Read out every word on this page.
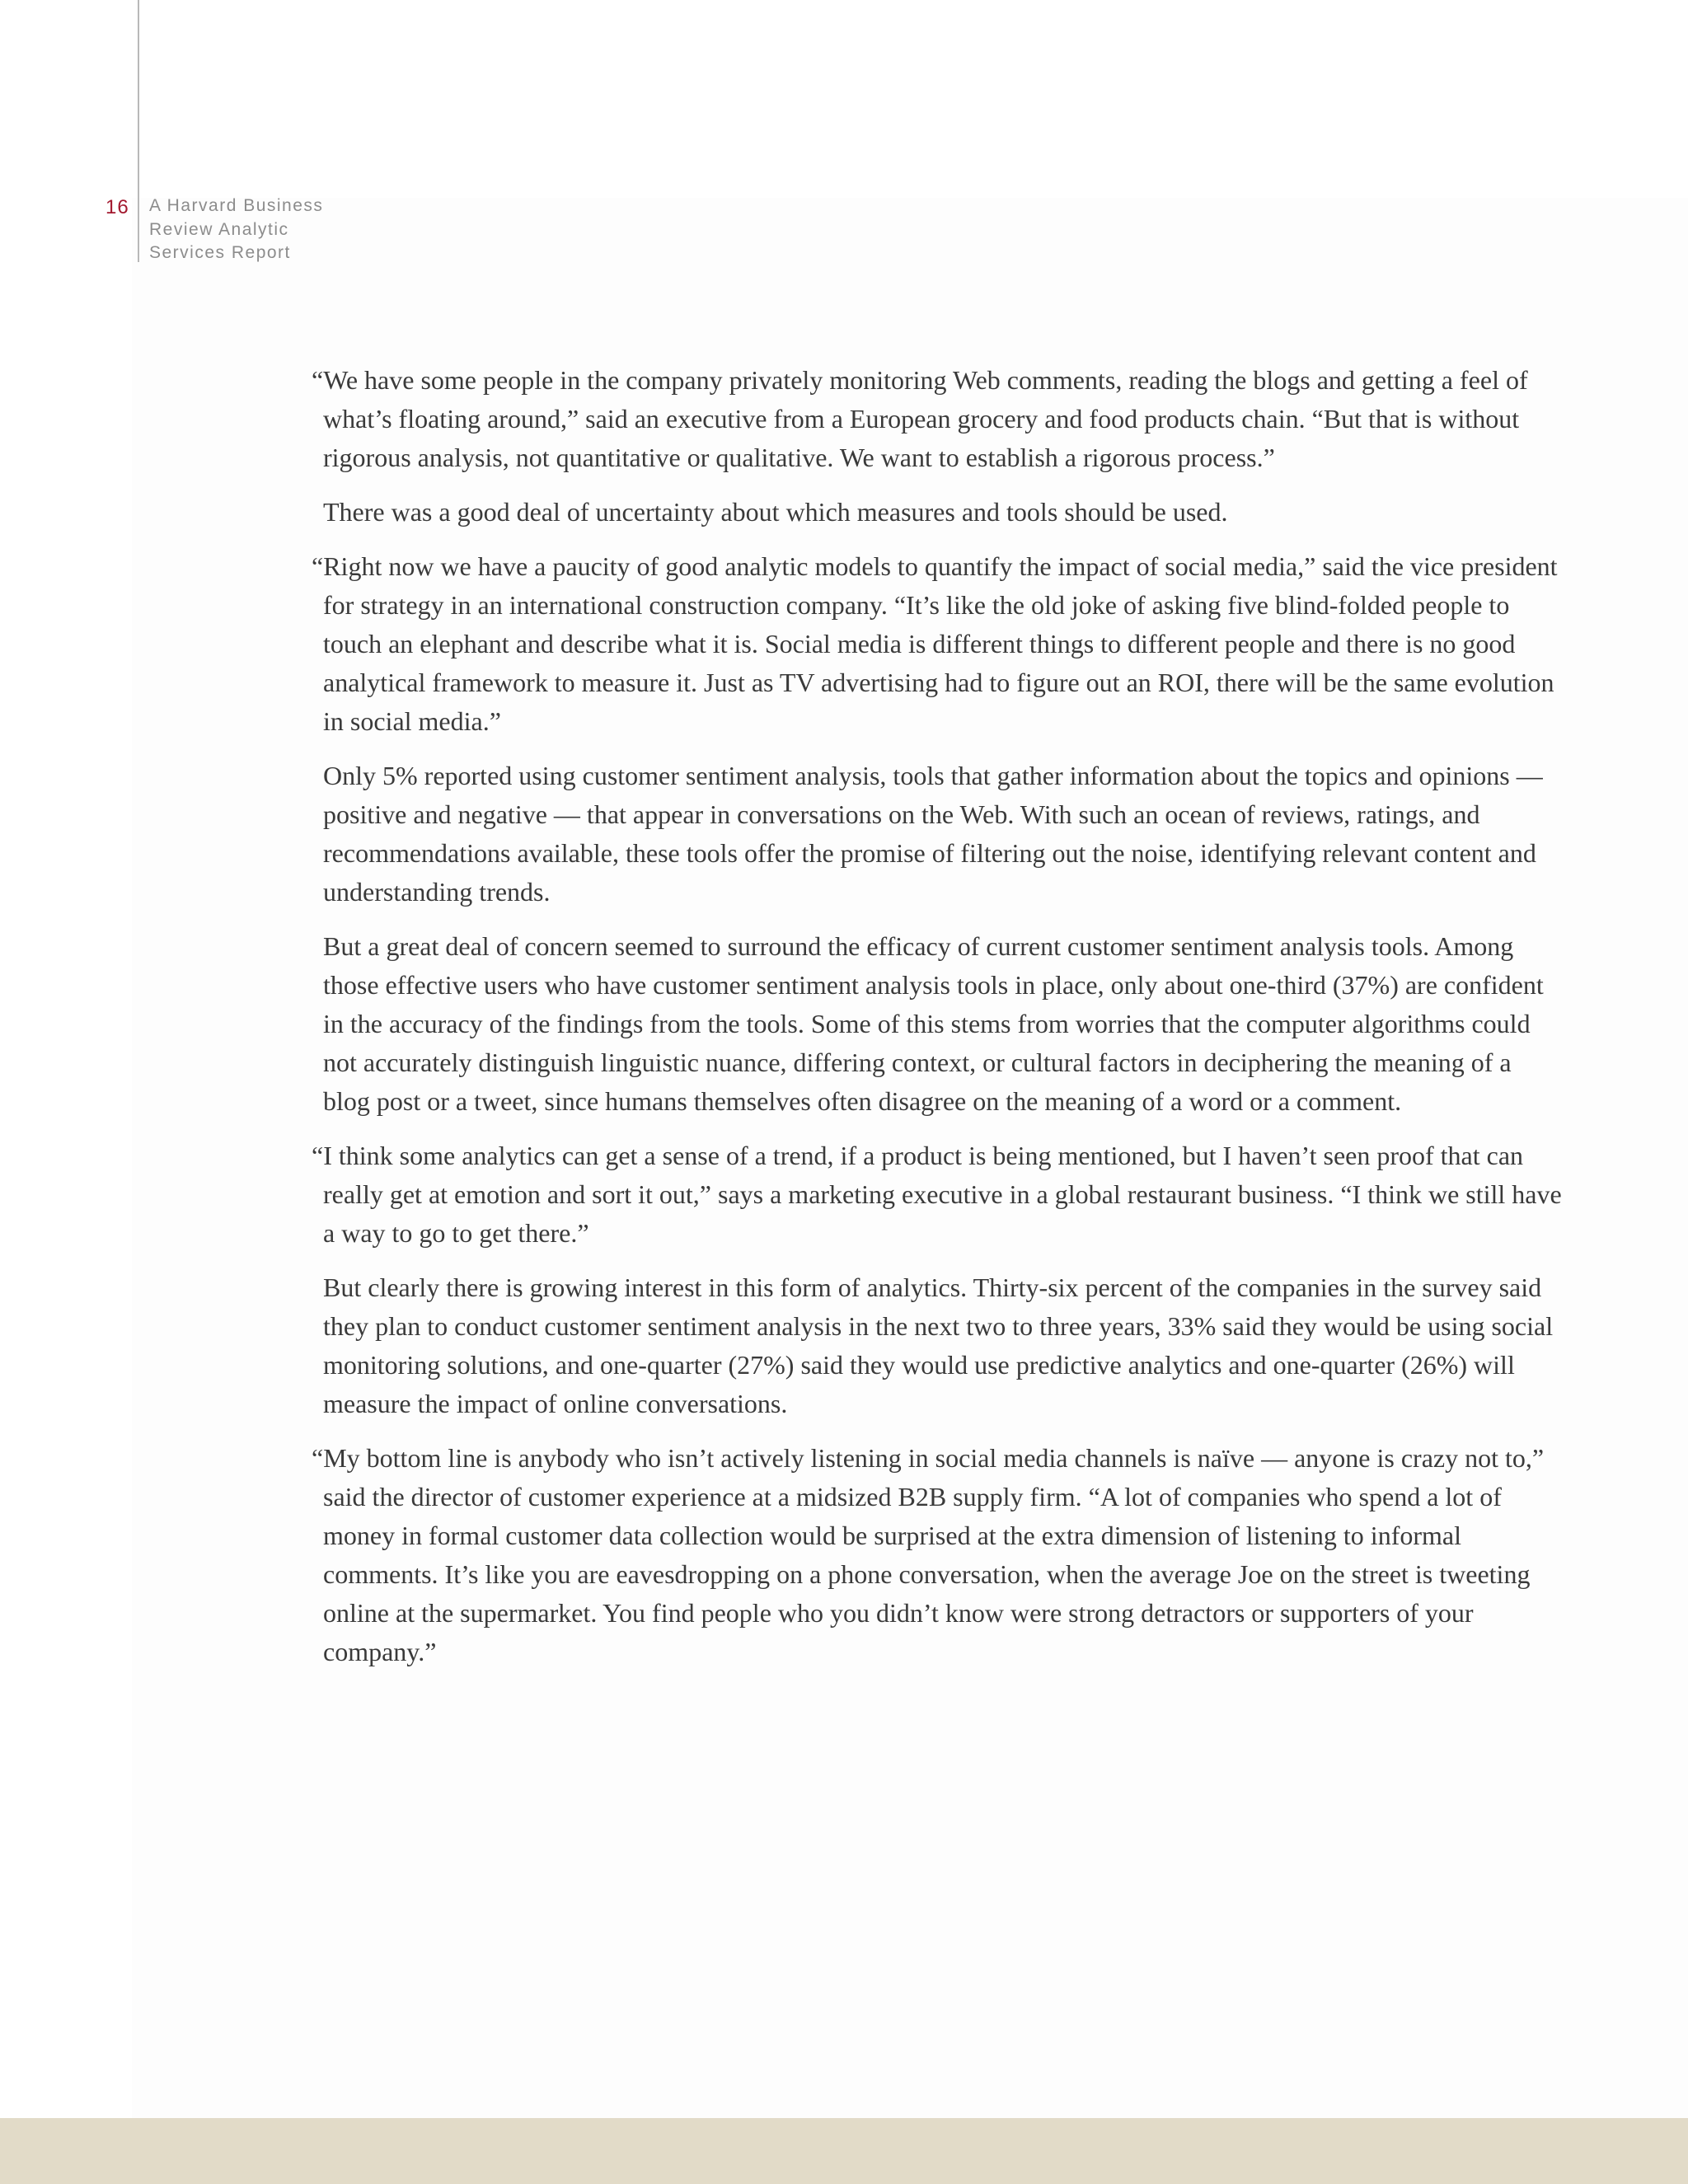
16 A Harvard Business Review Analytic Services Report

“We have some people in the company privately monitoring Web comments, reading the blogs and getting a feel of what’s floating around,” said an executive from a European grocery and food products chain. “But that is without rigorous analysis, not quantitative or qualitative. We want to establish a rigorous process.”

There was a good deal of uncertainty about which measures and tools should be used.

“Right now we have a paucity of good analytic models to quantify the impact of social media,” said the vice president for strategy in an international construction company. “It’s like the old joke of asking five blind-folded people to touch an elephant and describe what it is. Social media is different things to different people and there is no good analytical framework to measure it. Just as TV advertising had to figure out an ROI, there will be the same evolution in social media.”

Only 5% reported using customer sentiment analysis, tools that gather information about the topics and opinions — positive and negative — that appear in conversations on the Web. With such an ocean of reviews, ratings, and recommendations available, these tools offer the promise of filtering out the noise, identifying relevant content and understanding trends.

But a great deal of concern seemed to surround the efficacy of current customer sentiment analysis tools. Among those effective users who have customer sentiment analysis tools in place, only about one-third (37%) are confident in the accuracy of the findings from the tools. Some of this stems from worries that the computer algorithms could not accurately distinguish linguistic nuance, differing context, or cultural factors in deciphering the meaning of a blog post or a tweet, since humans themselves often disagree on the meaning of a word or a comment.

“I think some analytics can get a sense of a trend, if a product is being mentioned, but I haven’t seen proof that can really get at emotion and sort it out,” says a marketing executive in a global restaurant business. “I think we still have a way to go to get there.”

But clearly there is growing interest in this form of analytics. Thirty-six percent of the companies in the survey said they plan to conduct customer sentiment analysis in the next two to three years, 33% said they would be using social monitoring solutions, and one-quarter (27%) said they would use predictive analytics and one-quarter (26%) will measure the impact of online conversations.

“My bottom line is anybody who isn’t actively listening in social media channels is naïve — anyone is crazy not to,” said the director of customer experience at a midsized B2B supply firm. “A lot of companies who spend a lot of money in formal customer data collection would be surprised at the extra dimension of listening to informal comments. It’s like you are eavesdropping on a phone conversation, when the average Joe on the street is tweeting online at the supermarket. You find people who you didn’t know were strong detractors or supporters of your company.”
